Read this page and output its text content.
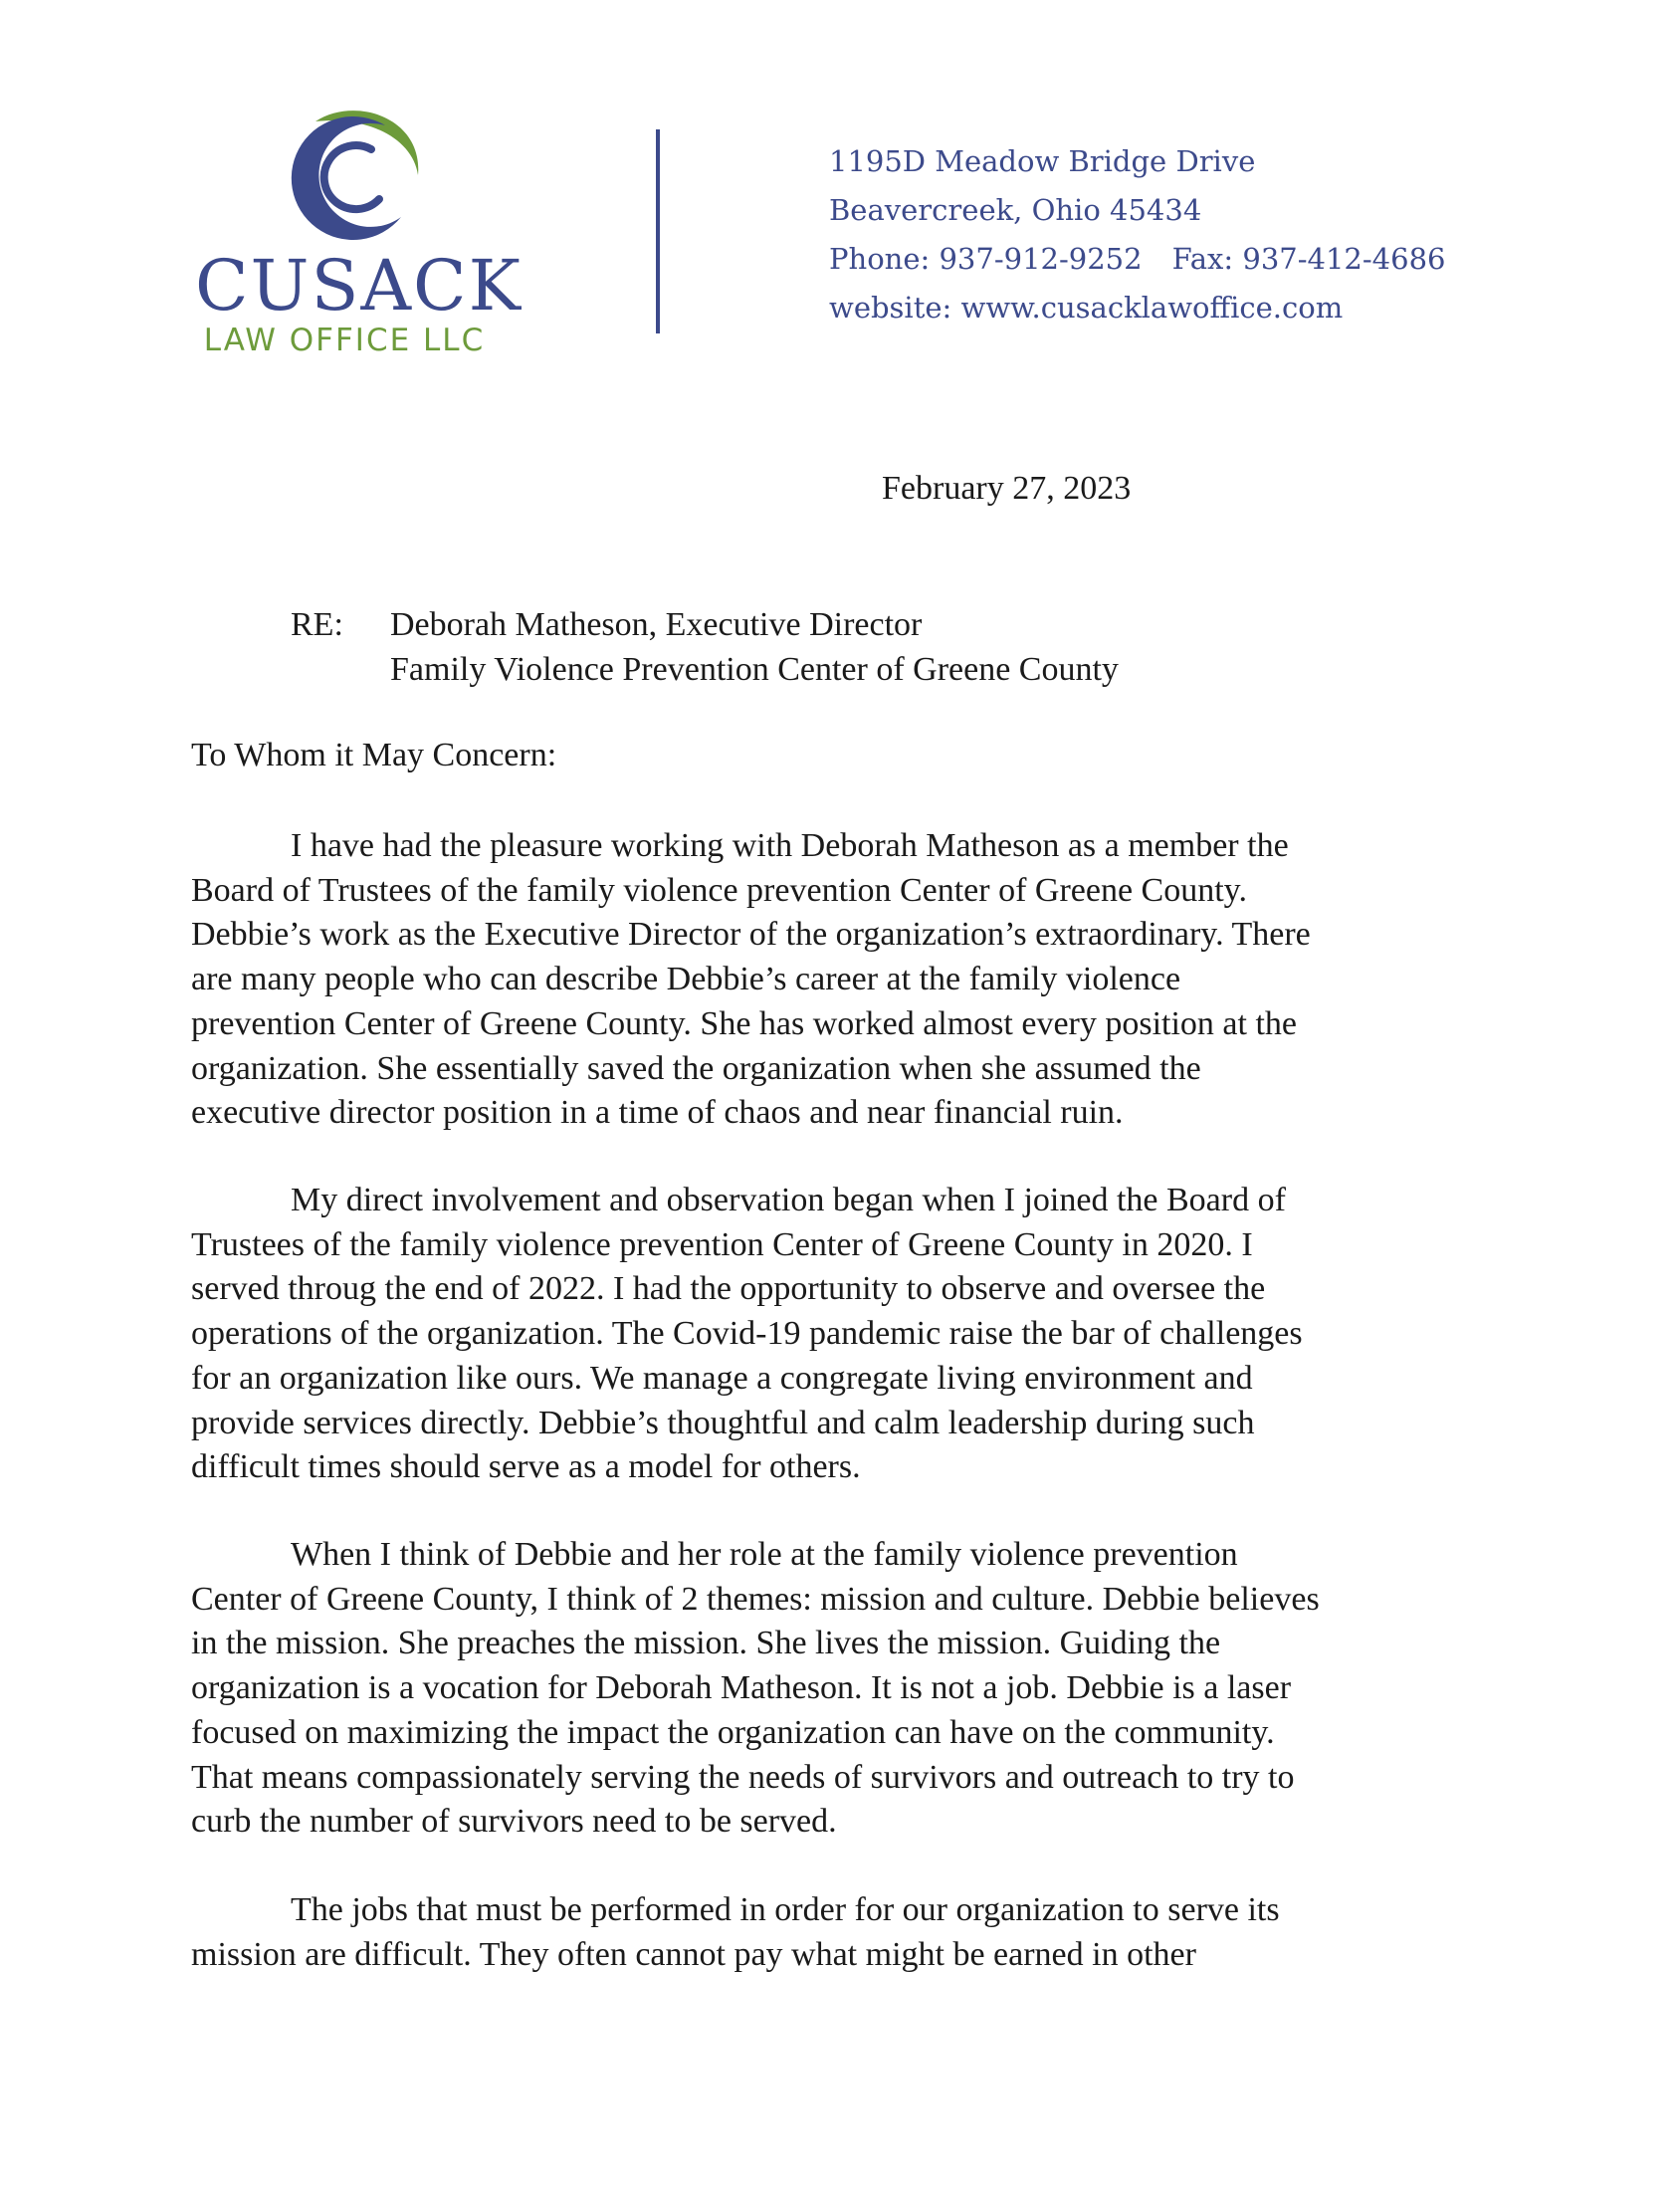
CUSACK
LAW OFFICE LLC
1195D Meadow Bridge Drive
Beavercreek, Ohio 45434
Phone: 937-912-9252 Fax: 937-412-4686
website: www.cusacklawoffice.com
February 27, 2023
RE: Deborah Matheson, Executive Director
Family Violence Prevention Center of Greene County
To Whom it May Concern:
I have had the pleasure working with Deborah Matheson as a member the
Board of Trustees of the family violence prevention Center of Greene County.
Debbie’s work as the Executive Director of the organization’s extraordinary. There
are many people who can describe Debbie’s career at the family violence
prevention Center of Greene County. She has worked almost every position at the
organization. She essentially saved the organization when she assumed the
executive director position in a time of chaos and near financial ruin.
My direct involvement and observation began when I joined the Board of
Trustees of the family violence prevention Center of Greene County in 2020. I
served throug the end of 2022. I had the opportunity to observe and oversee the
operations of the organization. The Covid-19 pandemic raise the bar of challenges
for an organization like ours. We manage a congregate living environment and
provide services directly. Debbie’s thoughtful and calm leadership during such
difficult times should serve as a model for others.
When I think of Debbie and her role at the family violence prevention
Center of Greene County, I think of 2 themes: mission and culture. Debbie believes
in the mission. She preaches the mission. She lives the mission. Guiding the
organization is a vocation for Deborah Matheson. It is not a job. Debbie is a laser
focused on maximizing the impact the organization can have on the community.
That means compassionately serving the needs of survivors and outreach to try to
curb the number of survivors need to be served.
The jobs that must be performed in order for our organization to serve its
mission are difficult. They often cannot pay what might be earned in other
